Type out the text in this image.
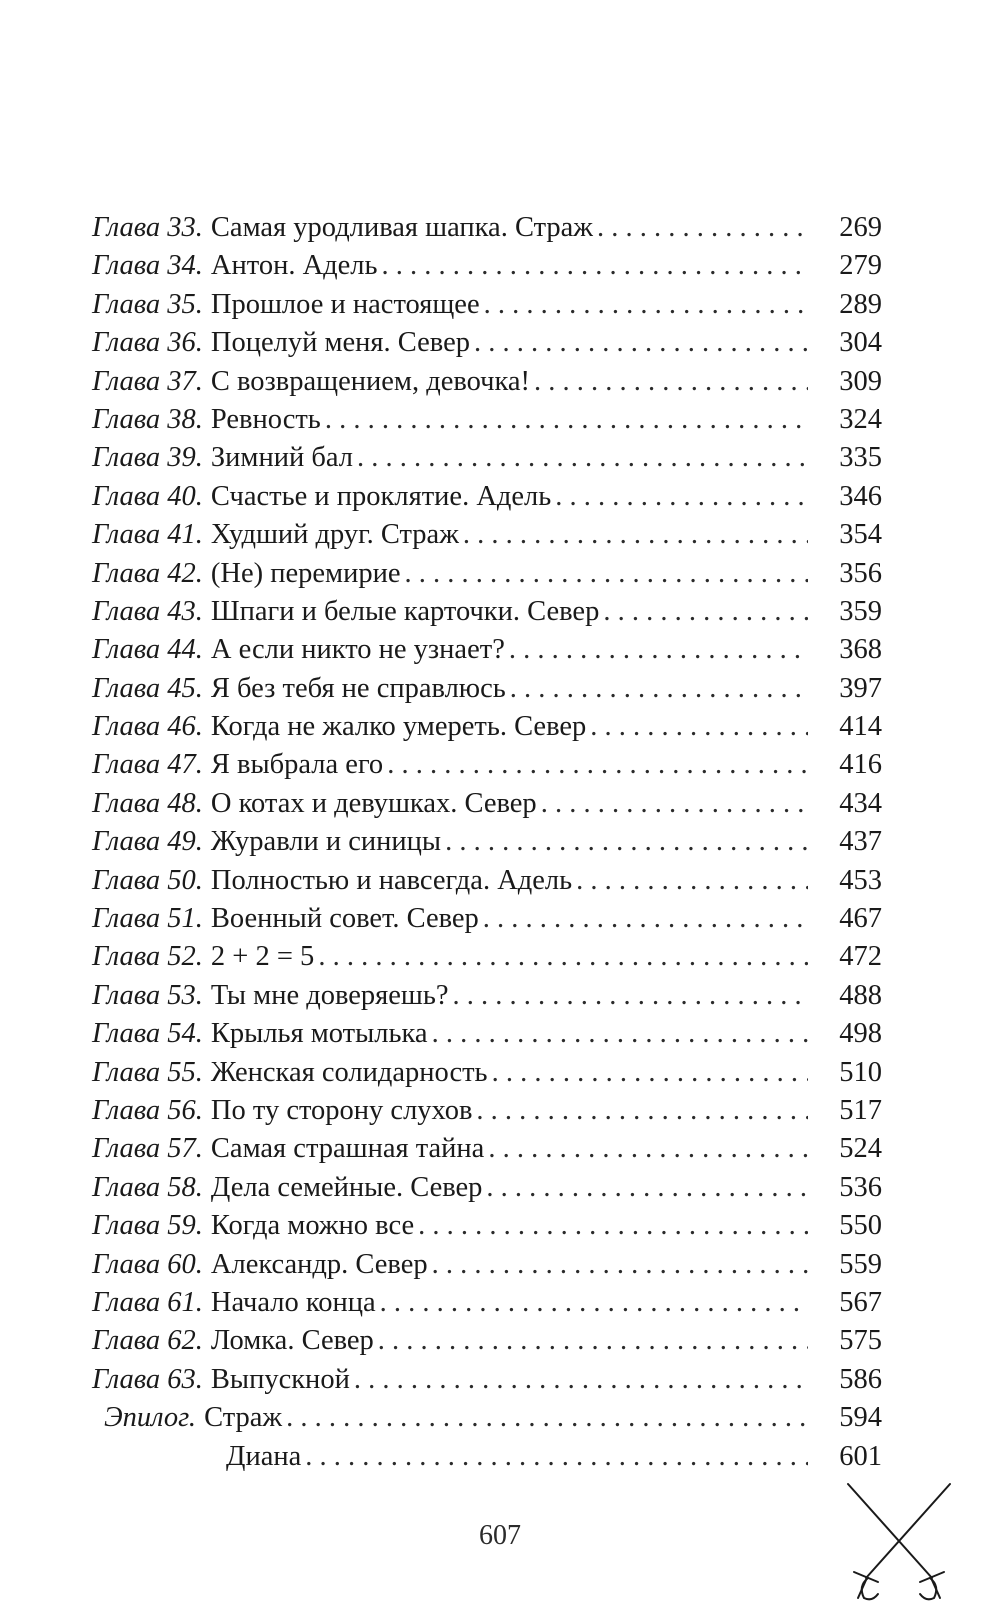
Глава 33. Самая уродливая шапка. Страж . . .	269
Глава 34. Антон. Адель . . .	279
Глава 35. Прошлое и настоящее . . .	289
Глава 36. Поцелуй меня. Север . . .	304
Глава 37. С возвращением, девочка! . . .	309
Глава 38. Ревность . . .	324
Глава 39. Зимний бал . . .	335
Глава 40. Счастье и проклятие. Адель . . .	346
Глава 41. Худший друг. Страж . . .	354
Глава 42. (Не) перемирие . . .	356
Глава 43. Шпаги и белые карточки. Север . . .	359
Глава 44. А если никто не узнает? . . .	368
Глава 45. Я без тебя не справлюсь . . .	397
Глава 46. Когда не жалко умереть. Север . . .	414
Глава 47. Я выбрала его . . .	416
Глава 48. О котах и девушках. Север . . .	434
Глава 49. Журавли и синицы . . .	437
Глава 50. Полностью и навсегда. Адель . . .	453
Глава 51. Военный совет. Север . . .	467
Глава 52. 2 + 2 = 5 . . .	472
Глава 53. Ты мне доверяешь? . . .	488
Глава 54. Крылья мотылька . . .	498
Глава 55. Женская солидарность . . .	510
Глава 56. По ту сторону слухов . . .	517
Глава 57. Самая страшная тайна . . .	524
Глава 58. Дела семейные. Север . . .	536
Глава 59. Когда можно все . . .	550
Глава 60. Александр. Север . . .	559
Глава 61. Начало конца . . .	567
Глава 62. Ломка. Север . . .	575
Глава 63. Выпускной . . .	586
Эпилог. Страж . . .	594
Диана . . .	601
607
